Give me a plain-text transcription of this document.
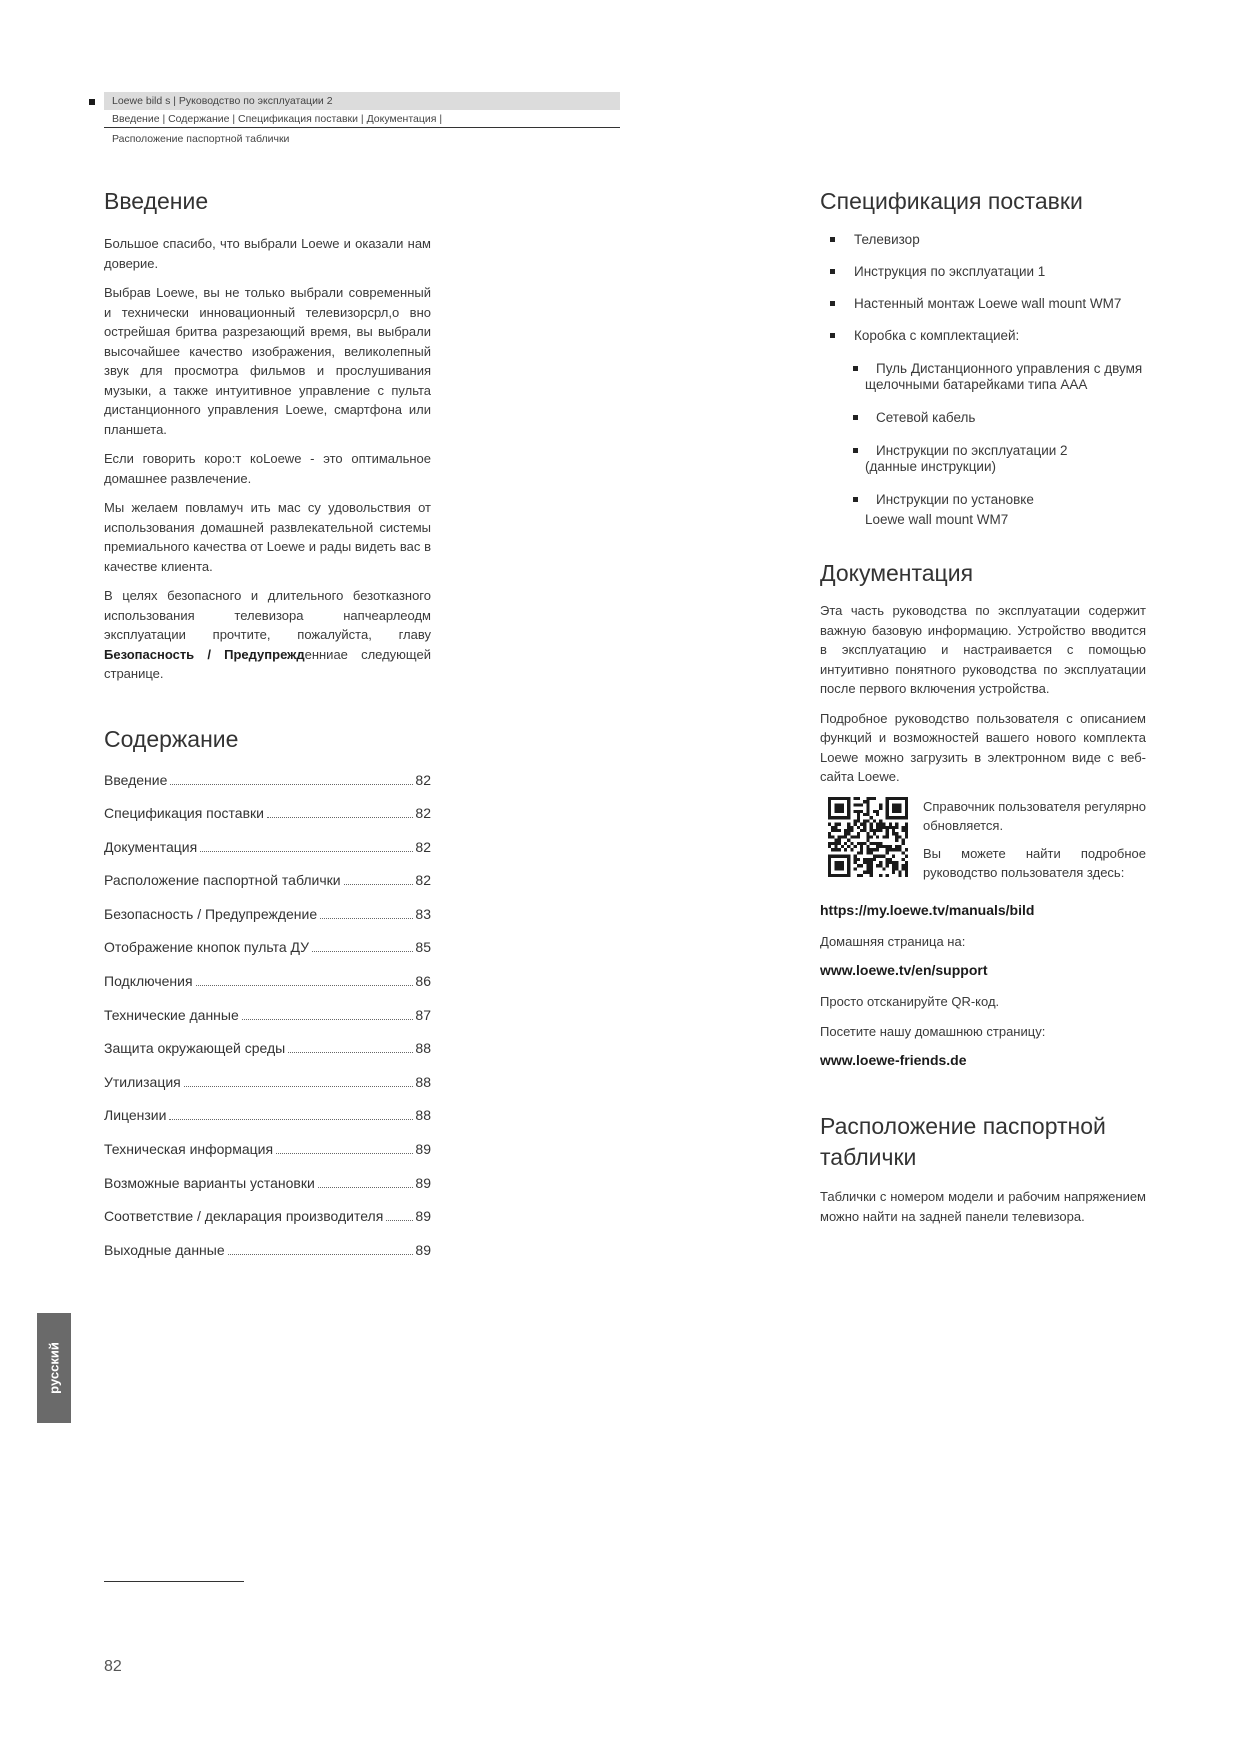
Loewe bild s | Руководство по эксплуатации 2
Введение | Содержание | Спецификация поставки | Документация |
Расположение паспортной таблички
Введение

Большое спасибо, что выбрали Loewe и оказали нам доверие.

Выбрав Loewe, вы не только выбрали современный и технически инновационный телевизорсрл,о вно острейшая бритва разрезающий время, вы выбрали высочайшее качество изображения, великолепный звук для просмотра фильмов и прослушивания музыки, а также интуитивное управление с пульта дистанционного управления Loewe, смартфона или планшета.

Если говорить коро:т коLoewe - это оптимальное домашнее развлечение.

Мы желаем повламуч ить мас су удовольствия от использования домашней развлекательной системы премиального качества от Loewe и рады видеть вас в качестве клиента.

В целях безопасного и длительного безотказного использования телевизора напчеарлеодм эксплуатации прочтите, пожалуйста, главу Безопасность / Предупрежденниае следующей странице.

Содержание
Введение	82
Спецификация поставки	82
Документация	82
Расположение паспортной таблички	82
Безопасность / Предупреждение	83
Отображение кнопок пульта ДУ	85
Подключения	86
Технические данные	87
Защита окружающей среды	88
Утилизация	88
Лицензии	88
Техническая информация	89
Возможные варианты установки	89
Соответствие / декларация производителя 89
Выходные данные	89
Спецификация поставки
Телевизор
Инструкция по эксплуатации 1
Настенный монтаж Loewe wall mount WM7
Коробка с комплектацией:
Пуль Дистанционного управления с двумя
щелочными батарейками типа AAA
Сетевой кабель
Инструкции по эксплуатации 2
(данные инструкции)
Инструкции по установке
Loewe wall mount WM7
Документация

Эта часть руководства по эксплуатации содержит важную базовую информацию. Устройство вводится в эксплуатацию и настраивается с помощью интуитивно понятного руководства по эксплуатации после первого включения устройства.

Подробное руководство пользователя с описанием функций и возможностей вашего нового комплекта Loewe можно загрузить в электронном виде с веб-сайта Loewe.

Справочник пользователя регулярно обновляется.

Вы можете найти подробное руководство пользователя здесь:

https://my.loewe.tv/manuals/bild

Домашняя страница на:

www.loewe.tv/en/support

Просто отсканируйте QR-код.

Посетите нашу домашнюю страницу:

www.loewe-friends.de
Расположение паспортной таблички

Таблички с номером модели и рабочим напряжением можно найти на задней панели телевизора.

русский
82
